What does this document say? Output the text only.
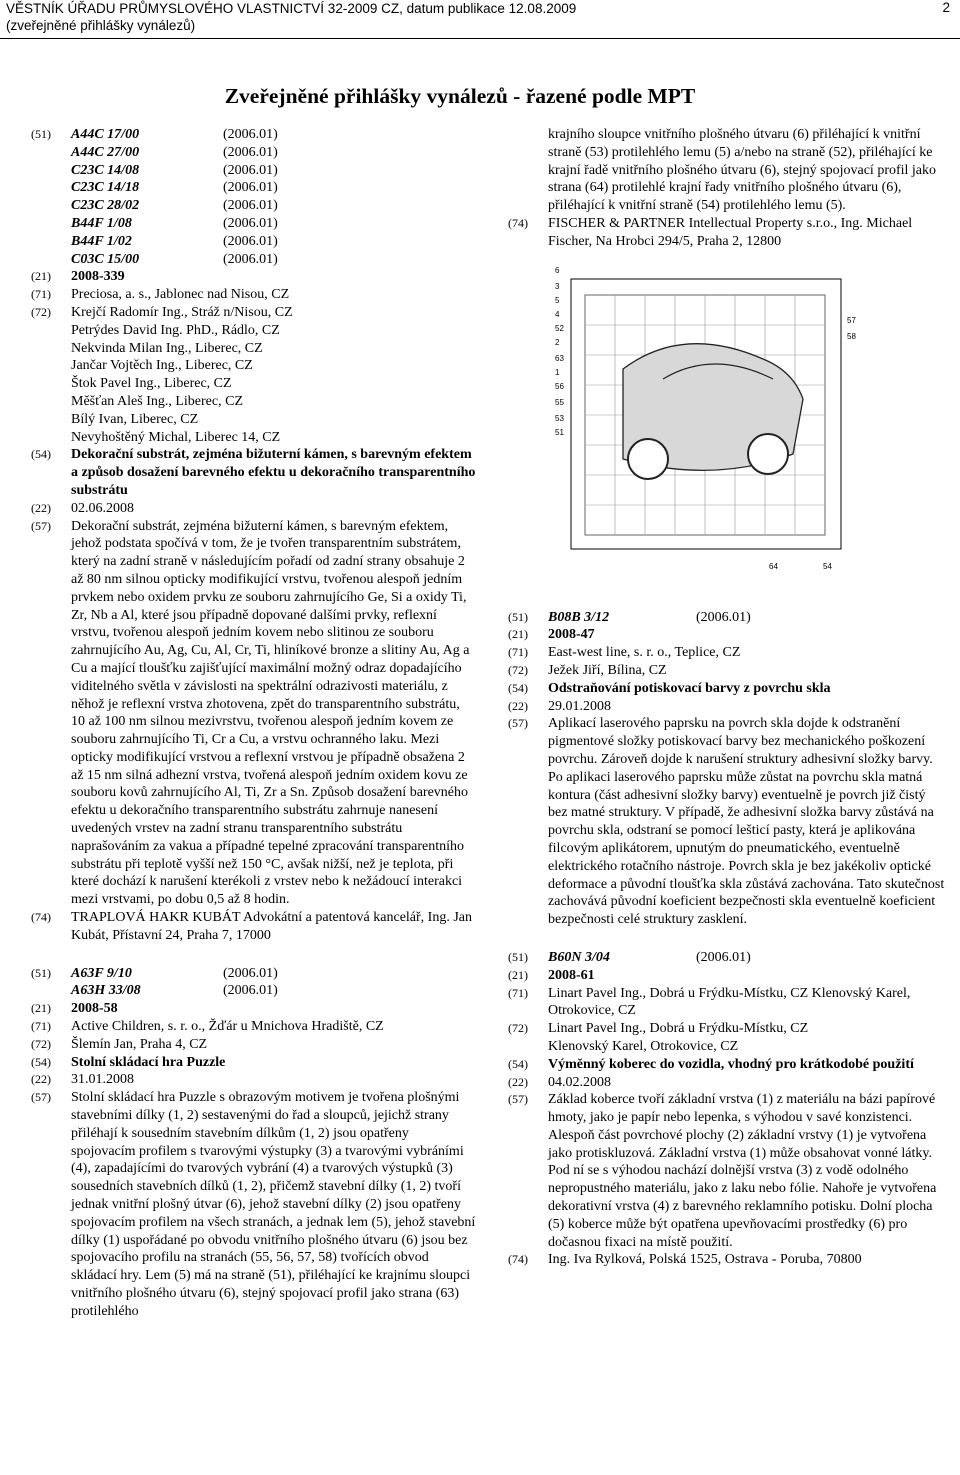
VĚSTNÍK ÚŘADU PRŮMYSLOVÉHO VLASTNICTVÍ 32-2009 CZ, datum publikace 12.08.2009
(zveřejněné přihlášky vynálezů)
2
Zveřejněné přihlášky vynálezů - řazené podle MPT
(51) A44C 17/00	(2006.01)
A44C 27/00	(2006.01)
C23C 14/08	(2006.01)
C23C 14/18	(2006.01)
C23C 28/02	(2006.01)
B44F 1/08	(2006.01)
B44F 1/02	(2006.01)
C03C 15/00	(2006.01)
(21) 2008-339
(71) Preciosa, a. s., Jablonec nad Nisou, CZ
(72) Krejčí Radomír Ing., Stráž n/Nisou, CZ
Petrýdes David Ing. PhD., Rádlo, CZ
Nekvinda Milan Ing., Liberec, CZ
Jančar Vojtěch Ing., Liberec, CZ
Štok Pavel Ing., Liberec, CZ
Měšťan Aleš Ing., Liberec, CZ
Bílý Ivan, Liberec, CZ
Nevyhoštěný Michal, Liberec 14, CZ
(54) Dekorační substrát, zejména bižuterní kámen, s barevným efektem a způsob dosažení barevného efektu u dekoračního transparentního substrátu
(22) 02.06.2008
(57) Dekorační substrát, zejména bižuterní kámen, s barevným efektem, jehož podstata spočívá v tom, že je tvořen transparentním substrátem, který na zadní straně v následujícím pořadí od zadní strany obsahuje 2 až 80 nm silnou opticky modifikující vrstvu, tvořenou alespoň jedním prvkem nebo oxidem prvku ze souboru zahrnujícího Ge, Si a oxidy Ti, Zr, Nb a Al, které jsou případně dopované dalšími prvky, reflexní vrstvu, tvořenou alespoň jedním kovem nebo slitinou ze souboru zahrnujícího Au, Ag, Cu, Al, Cr, Ti, hliníkové bronze a slitiny Au, Ag a Cu a mající tloušťku zajišťující maximální možný odraz dopadajícího viditelného světla v závislosti na spektrální odrazivosti materiálu, z něhož je reflexní vrstva zhotovena, zpět do transparentního substrátu, 10 až 100 nm silnou mezivrstvu, tvořenou alespoň jedním kovem ze souboru zahrnujícího Ti, Cr a Cu, a vrstvu ochranného laku. Mezi opticky modifikující vrstvou a reflexní vrstvou je případně obsažena 2 až 15 nm silná adhezní vrstva, tvořená alespoň jedním oxidem kovu ze souboru kovů zahrnujícího Al, Ti, Zr a Sn. Způsob dosažení barevného efektu u dekoračního transparentního substrátu zahrnuje nanesení uvedených vrstev na zadní stranu transparentního substrátu naprašováním za vakua a případné tepelné zpracování transparentního substrátu při teplotě vyšší než 150 °C, avšak nižší, než je teplota, při které dochází k narušení kterékoli z vrstev nebo k nežádoucí interakci mezi vrstvami, po dobu 0,5 až 8 hodin.
(74) TRAPLOVÁ HAKR KUBÁT Advokátní a patentová kancelář, Ing. Jan Kubát, Přístavní 24, Praha 7, 17000
(51) A63F 9/10	(2006.01)
A63H 33/08	(2006.01)
(21) 2008-58
(71) Active Children, s. r. o., Žďár u Mnichova Hradiště, CZ
(72) Šlemín Jan, Praha 4, CZ
(54) Stolní skládací hra Puzzle
(22) 31.01.2008
(57) Stolní skládací hra Puzzle s obrazovým motivem je tvořena plošnými stavebními dílky (1, 2) sestavenými do řad a sloupců, jejichž strany přiléhají k sousedním stavebním dílkům (1, 2) jsou opatřeny spojovacím profilem s tvarovými výstupky (3) a tvarovými vybráními (4), zapadajícími do tvarových vybrání (4) a tvarových výstupků (3) sousedních stavebních dílků (1, 2), přičemž stavební dílky (1, 2) tvoří jednak vnitřní plošný útvar (6), jehož stavební dílky (2) jsou opatřeny spojovacím profilem na všech stranách, a jednak lem (5), jehož stavební dílky (1) uspořádané po obvodu vnitřního plošného útvaru (6) jsou bez spojovacího profilu na stranách (55, 56, 57, 58) tvořících obvod skládací hry. Lem (5) má na straně (51), přiléhající ke krajnímu sloupci vnitřního plošného útvaru (6), stejný spojovací profil jako strana (63) protilehlého
krajního sloupce vnitřního plošného útvaru (6) přiléhající k vnitřní straně (53) protilehlého lemu (5) a/nebo na straně (52), přiléhající ke krajní řadě vnitřního plošného útvaru (6), stejný spojovací profil jako strana (64) protilehlé krajní řady vnitřního plošného útvaru (6), přiléhající k vnitřní straně (54) protilehlého lemu (5).
(74) FISCHER & PARTNER Intellectual Property s.r.o., Ing. Michael Fischer, Na Hrobci 294/5, Praha 2, 12800
6
3
5
4
52
2
63
1
56
55
53
51
57
58
64	54
(51) B08B 3/12	(2006.01)
(21) 2008-47
(71) East-west line, s. r. o., Teplice, CZ
(72) Ježek Jiří, Bílina, CZ
(54) Odstraňování potiskovací barvy z povrchu skla
(22) 29.01.2008
(57) Aplikací laserového paprsku na povrch skla dojde k odstranění pigmentové složky potiskovací barvy bez mechanického poškození povrchu. Zároveň dojde k narušení struktury adhesivní složky barvy. Po aplikaci laserového paprsku může zůstat na povrchu skla matná kontura (část adhesivní složky barvy) eventuelně je povrch již čistý bez matné struktury. V případě, že adhesivní složka barvy zůstává na povrchu skla, odstraní se pomocí lešticí pasty, která je aplikována filcovým aplikátorem, upnutým do pneumatického, eventuelně elektrického rotačního nástroje. Povrch skla je bez jakékoliv optické deformace a původní tloušťka skla zůstává zachována. Tato skutečnost zachovává původní koeficient bezpečnosti skla eventuelně koeficient bezpečnosti celé struktury zasklení.
(51) B60N 3/04	(2006.01)
(21) 2008-61
(71) Linart Pavel Ing., Dobrá u Frýdku-Místku, CZ Klenovský Karel, Otrokovice, CZ
(72) Linart Pavel Ing., Dobrá u Frýdku-Místku, CZ
Klenovský Karel, Otrokovice, CZ
(54) Výměnný koberec do vozidla, vhodný pro krátkodobé použití
(22) 04.02.2008
(57) Základ koberce tvoří základní vrstva (1) z materiálu na bázi papírové hmoty, jako je papír nebo lepenka, s výhodou v savé konzistenci. Alespoň část povrchové plochy (2) základní vrstvy (1) je vytvořena jako protiskluzová. Základní vrstva (1) může obsahovat vonné látky. Pod ní se s výhodou nachází dolnější vrstva (3) z vodě odolného nepropustného materiálu, jako z laku nebo fólie. Nahoře je vytvořena dekorativní vrstva (4) z barevného reklamního potisku. Dolní plocha (5) koberce může být opatřena upevňovacími prostředky (6) pro dočasnou fixaci na místě použití.
(74) Ing. Iva Rylková, Polská 1525, Ostrava - Poruba, 70800
